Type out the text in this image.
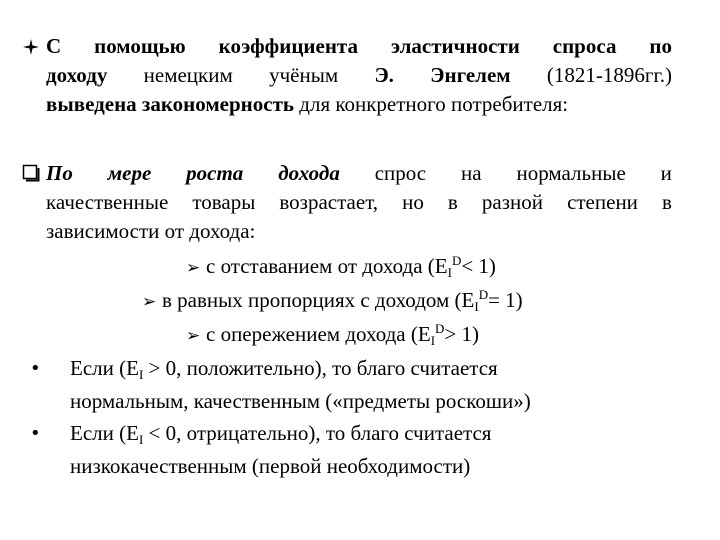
С помощью коэффициента эластичности спроса по
доходу немецким учёным Э. Энгелем (1821-1896гг.)
выведена закономерность для конкретного потребителя:
По мере роста дохода спрос на нормальные и
качественные товары возрастает, но в разной степени в
зависимости от дохода:
➢ с отставанием от дохода $(E_I^D< 1)$
➢ в равных пропорциях с доходом $(E_I^D= 1)$
➢ с опережением дохода $(E_I^D> 1)$
• Если ($E_I > 0$, положительно), то благо считается
нормальным, качественным («предметы роскоши»)
• Если ($E_I < 0$, отрицательно), то благо считается
низкокачественным (первой необходимости)
